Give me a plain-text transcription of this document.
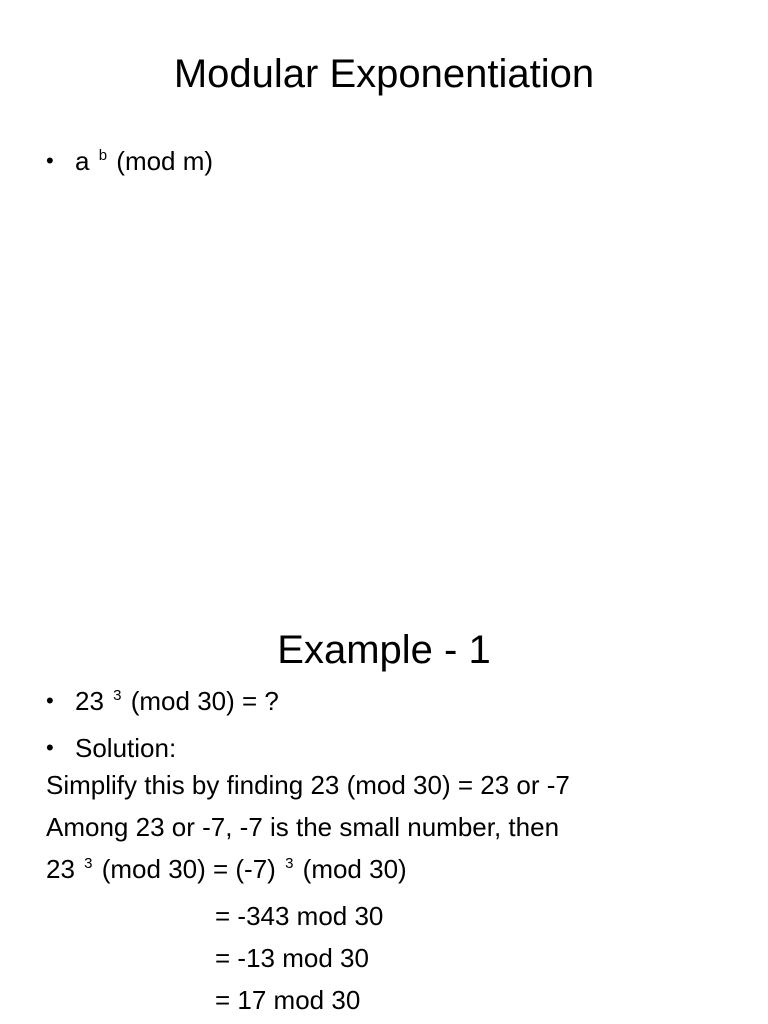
Modular Exponentiation
• a $^b$ (mod m)
Example - 1
• 23 $^3$ (mod 30) = ?
• Solution:
Simplify this by finding 23 (mod 30) = 23 or -7
Among 23 or -7, -7 is the small number, then
23 $^3$ (mod 30) = (-7) $^3$ (mod 30)
= -343 mod 30
= -13 mod 30
= 17 mod 30
